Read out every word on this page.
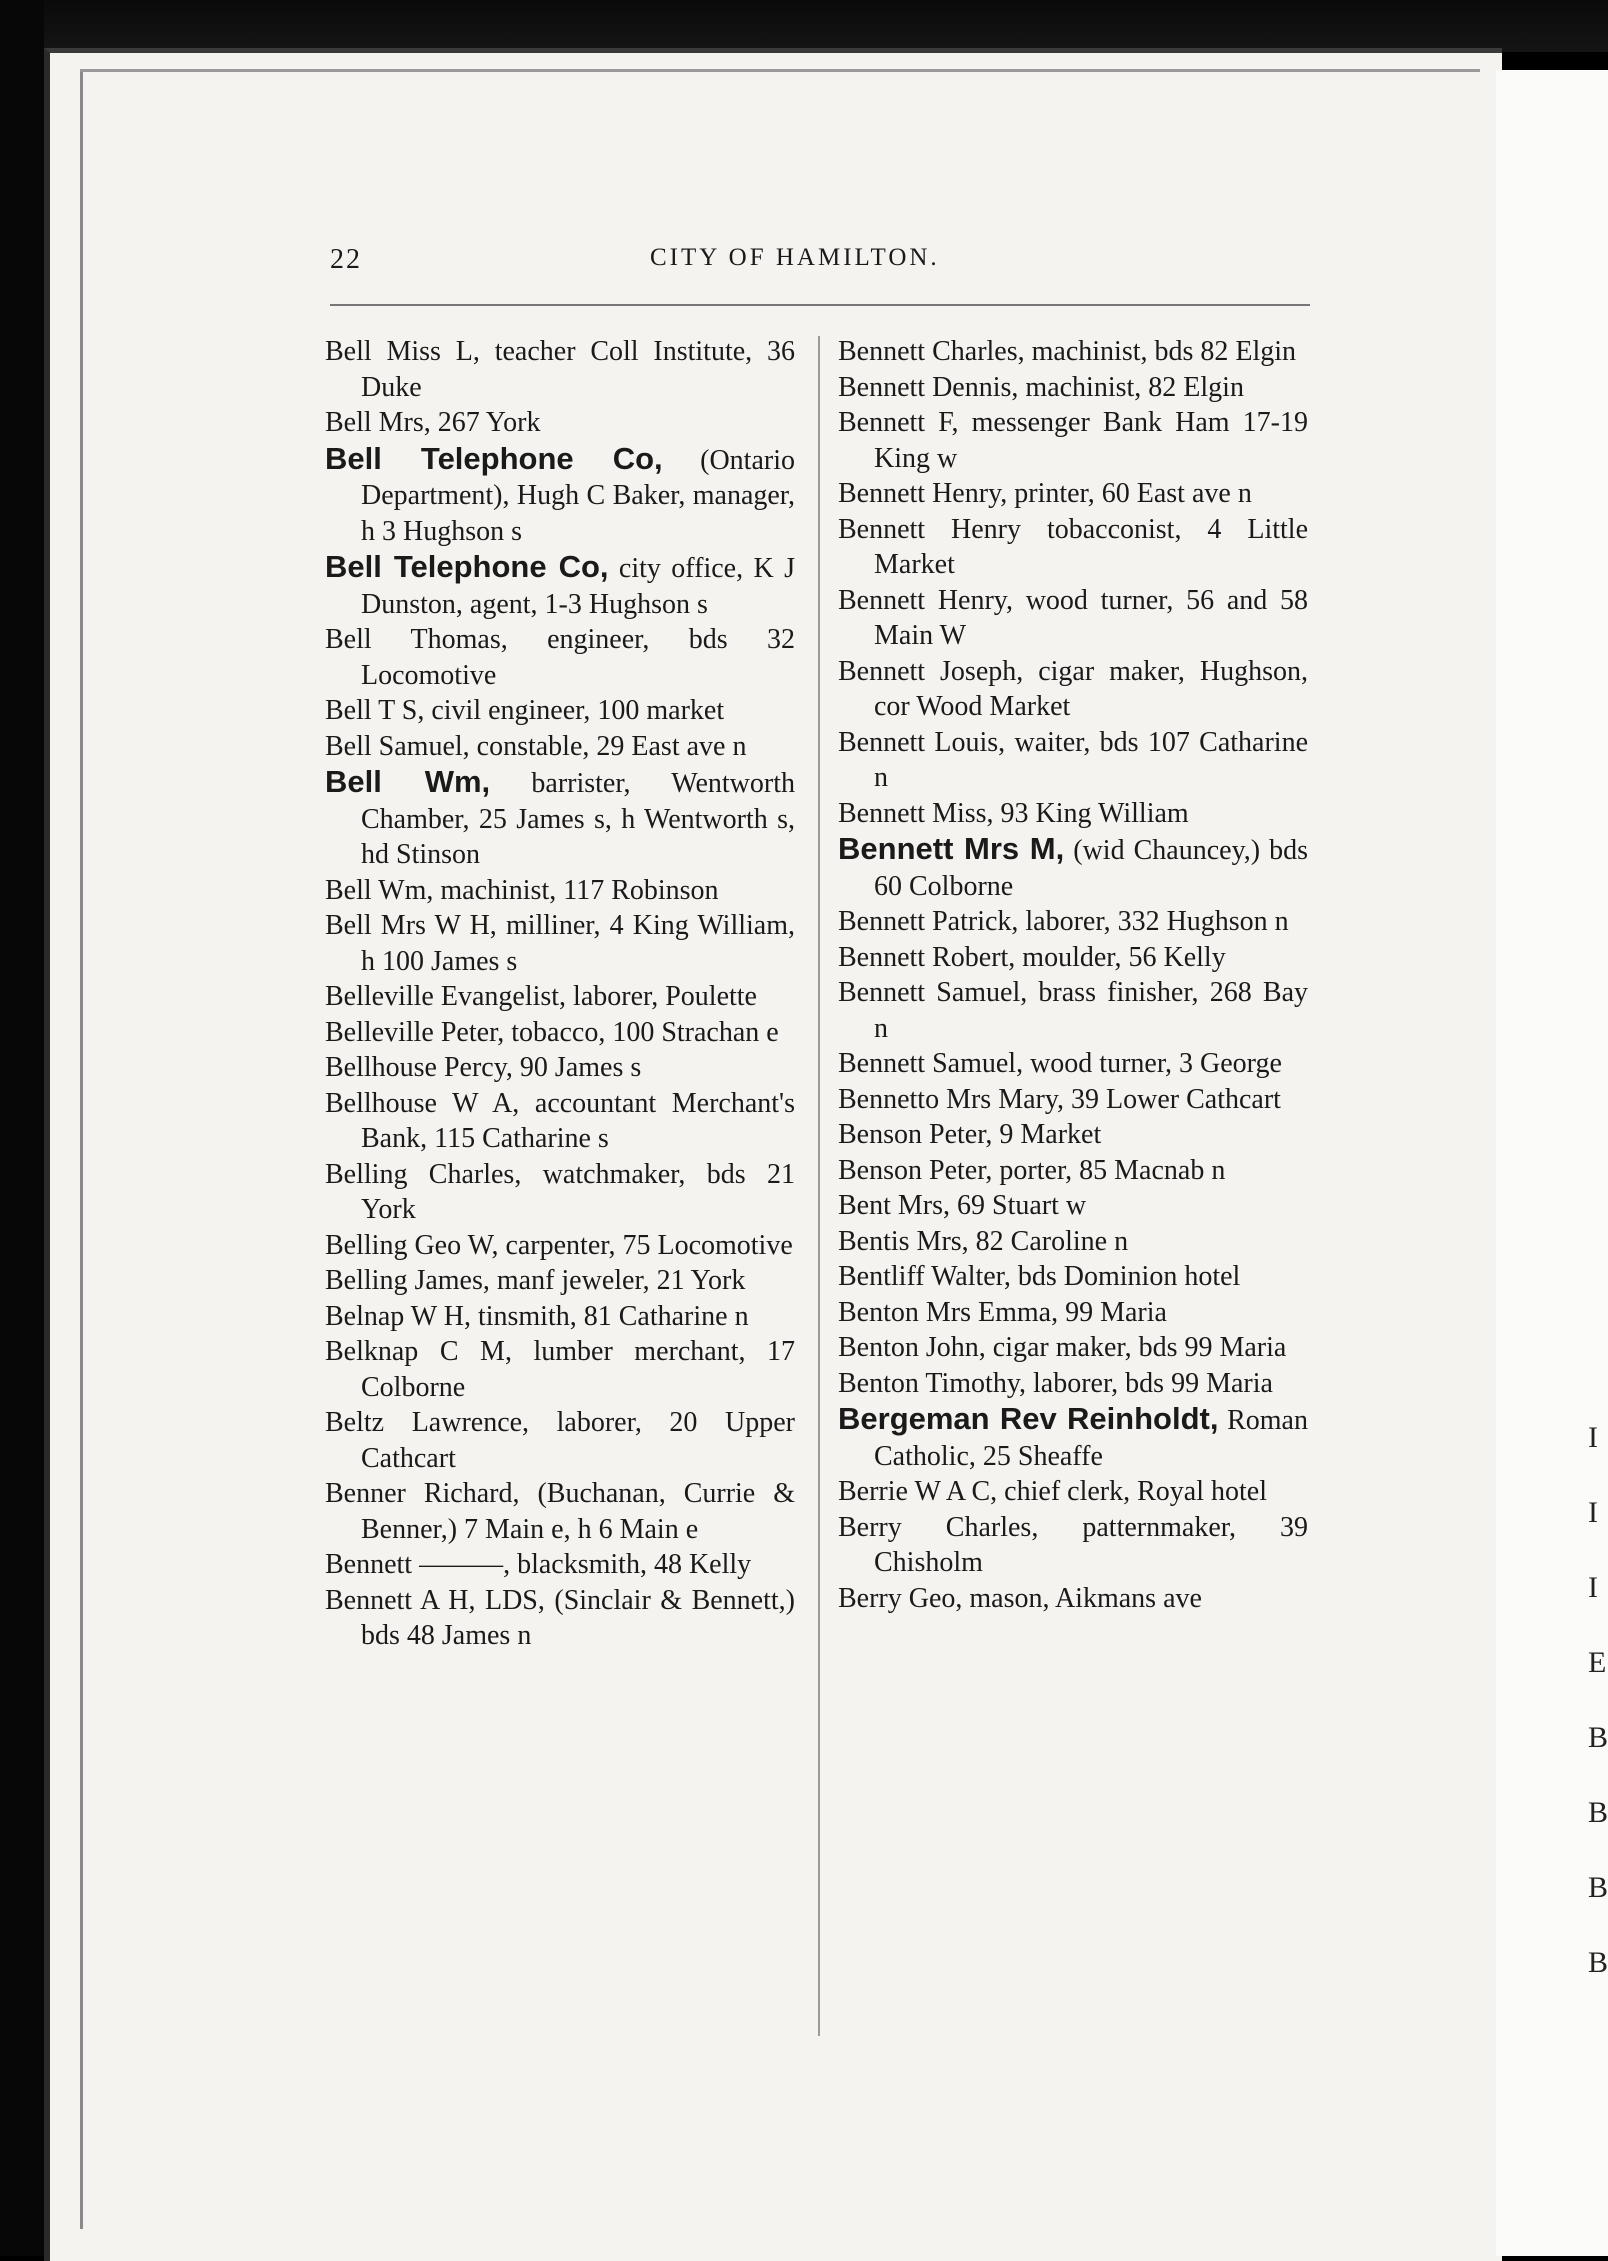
I
I
I
E
B
B
B
B
22	CITY OF HAMILTON.
Bell Miss L, teacher Coll Institute, 36 Duke
Bell Mrs, 267 York
Bell Telephone Co, (Ontario Department), Hugh C Baker, manager, h 3 Hughson s
Bell Telephone Co, city office, K J Dunston, agent, 1-3 Hughson s
Bell Thomas, engineer, bds 32 Locomotive
Bell T S, civil engineer, 100 market
Bell Samuel, constable, 29 East ave n
Bell Wm, barrister, Wentworth Chamber, 25 James s, h Wentworth s, hd Stinson
Bell Wm, machinist, 117 Robinson
Bell Mrs W H, milliner, 4 King William, h 100 James s
Belleville Evangelist, laborer, Poulette
Belleville Peter, tobacco, 100 Strachan e
Bellhouse Percy, 90 James s
Bellhouse W A, accountant Merchant's Bank, 115 Catharine s
Belling Charles, watchmaker, bds 21 York
Belling Geo W, carpenter, 75 Locomotive
Belling James, manf jeweler, 21 York
Belnap W H, tinsmith, 81 Catharine n
Belknap C M, lumber merchant, 17 Colborne
Beltz Lawrence, laborer, 20 Upper Cathcart
Benner Richard, (Buchanan, Currie & Benner,) 7 Main e, h 6 Main e
Bennett ———, blacksmith, 48 Kelly
Bennett A H, LDS, (Sinclair & Bennett,) bds 48 James n
Bennett Charles, machinist, bds 82 Elgin
Bennett Dennis, machinist, 82 Elgin
Bennett F, messenger Bank Ham 17-19 King w
Bennett Henry, printer, 60 East ave n
Bennett Henry tobacconist, 4 Little Market
Bennett Henry, wood turner, 56 and 58 Main W
Bennett Joseph, cigar maker, Hughson, cor Wood Market
Bennett Louis, waiter, bds 107 Catharine n
Bennett Miss, 93 King William
Bennett Mrs M, (wid Chauncey,) bds 60 Colborne
Bennett Patrick, laborer, 332 Hughson n
Bennett Robert, moulder, 56 Kelly
Bennett Samuel, brass finisher, 268 Bay n
Bennett Samuel, wood turner, 3 George
Bennetto Mrs Mary, 39 Lower Cathcart
Benson Peter, 9 Market
Benson Peter, porter, 85 Macnab n
Bent Mrs, 69 Stuart w
Bentis Mrs, 82 Caroline n
Bentliff Walter, bds Dominion hotel
Benton Mrs Emma, 99 Maria
Benton John, cigar maker, bds 99 Maria
Benton Timothy, laborer, bds 99 Maria
Bergeman Rev Reinholdt, Roman Catholic, 25 Sheaffe
Berrie W A C, chief clerk, Royal hotel
Berry Charles, patternmaker, 39 Chisholm
Berry Geo, mason, Aikmans ave
